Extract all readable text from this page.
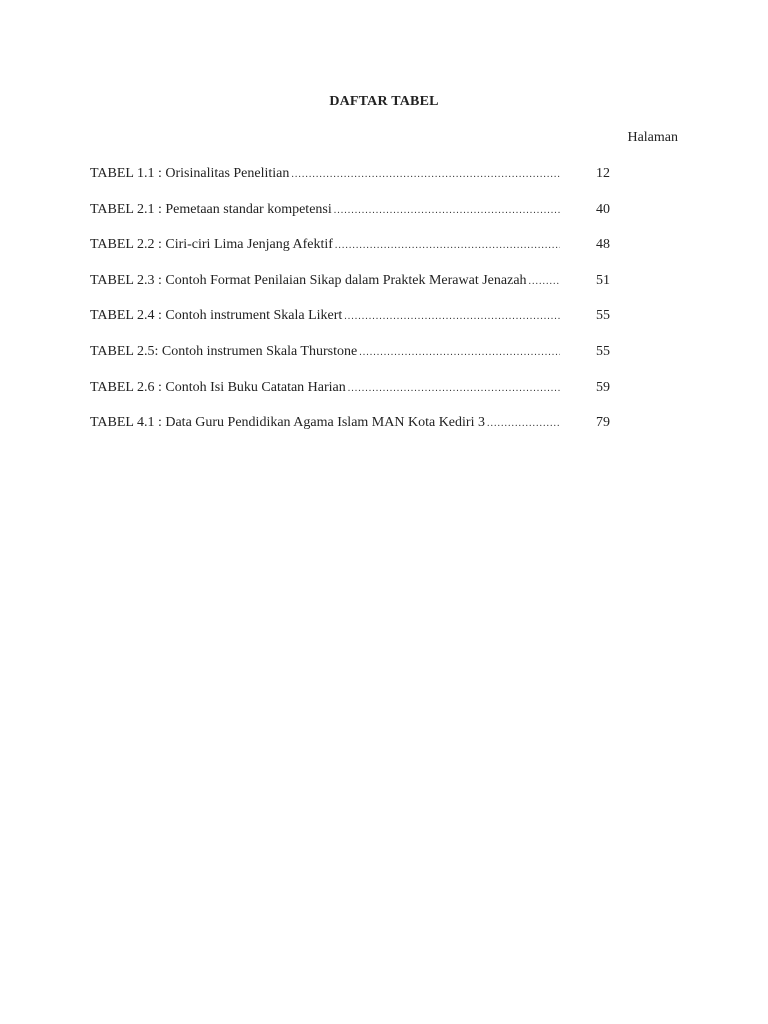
DAFTAR TABEL
Halaman
TABEL 1.1 : Orisinalitas Penelitian .....	12
TABEL 2.1 : Pemetaan standar kompetensi .....	40
TABEL 2.2 : Ciri-ciri Lima Jenjang Afektif .....	48
TABEL 2.3 : Contoh Format Penilaian Sikap dalam Praktek Merawat Jenazah .....	51
TABEL 2.4 : Contoh instrument Skala Likert .....	55
TABEL 2.5: Contoh instrumen Skala Thurstone .....	55
TABEL 2.6 : Contoh Isi Buku Catatan Harian .....	59
TABEL 4.1 : Data Guru Pendidikan Agama Islam MAN Kota Kediri 3 .....	79
